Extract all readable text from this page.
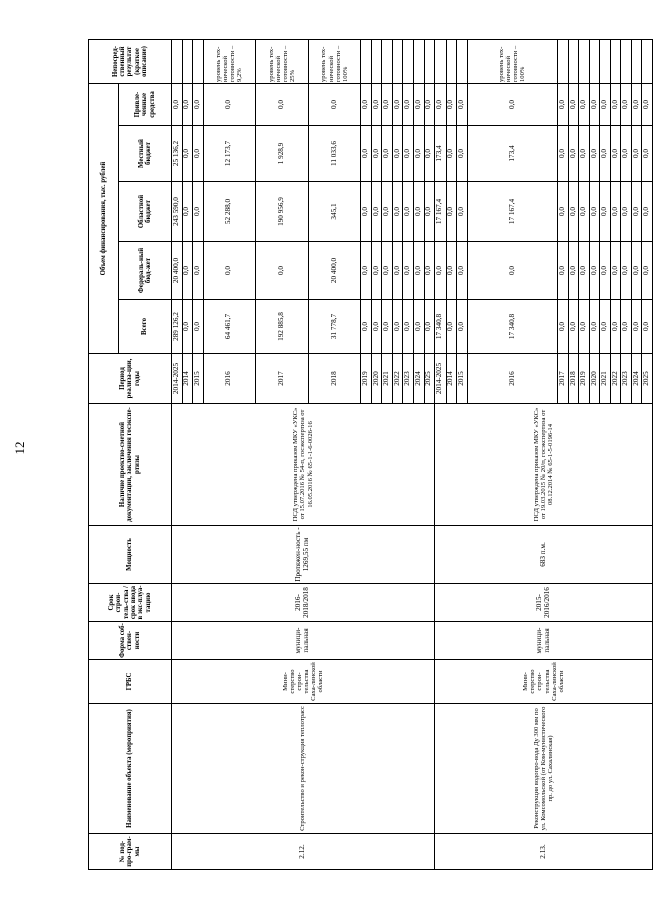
12
№ под-про-грам-мы	Наименование объекта (мероприятия)	ГРБС	Форма соб-ствен-ности	Срок строи-тель-ства / срок ввода в экс-плуа-тацию	Мощность	Наличие проектно-сметной документации, заключения госэкспе-ртизы	Период реализа-ции, годы	Объем финансирования, тыс. рублей					Непосред-ственный результат (краткое описание)
								Всего	Федераль-ный бюд-жет	Областной бюджет	Местный бюджет	Привле-ченные средства	
2.12.	Строительство и рекон-струкция теплотрасс	Мини-стерство строи-тельства Саха-линской области	муници-пальная	2016-2018/2018	Протяжен-ность - 1269,55 пм	ПСД утверждена приказом МКУ «УКС» от 15.07.2016 № 54-п, госэкспертиза от 16.05.2016 № 65-1-1-6-0026-16	2014-2025	289 126,2	20 400,0	243 590,0	25 136,2	0,0	
							2014	0,0	0,0	0,0	0,0	0,0	
							2015	0,0	0,0	0,0	0,0	0,0	
							2016	64 461,7	0,0	52 288,0	12 173,7	0,0	уровень тех-нической готовности – 9,2%
							2017	192 885,8	0,0	190 956,9	1 928,9	0,0	уровень тех-нической готовности – 25%
							2018	31 778,7	20 400,0	345,1	11 033,6	0,0	уровень тех-нической готовности – 100%
							2019	0,0	0,0	0,0	0,0	0,0	
							2020	0,0	0,0	0,0	0,0	0,0	
							2021	0,0	0,0	0,0	0,0	0,0	
							2022	0,0	0,0	0,0	0,0	0,0	
							2023	0,0	0,0	0,0	0,0	0,0	
							2024	0,0	0,0	0,0	0,0	0,0	
							2025	0,0	0,0	0,0	0,0	0,0	
2.13.	Реконструкция водопро-вода Ду 300 мм по ул. Комсомольской (от Ком-мунистического пр. до ул. Сахалинская)	Мини-стерство строи-тельства Саха-линской области	муници-пальная	2015-2016/2016	683 п.м.	ПСД утверждена приказом МКУ «УКС» от 19.03.2015 № 20/п, госэкспертиза от 08.12.2014 № 65-1-5-0196-14	2014-2025	17 340,8	0,0	17 167,4	173,4	0,0	
							2014	0,0	0,0	0,0	0,0	0,0	
							2015	0,0	0,0	0,0	0,0	0,0	
							2016	17 340,8	0,0	17 167,4	173,4	0,0	уровень тех-нической готовности – 100%
							2017	0,0	0,0	0,0	0,0	0,0	
							2018	0,0	0,0	0,0	0,0	0,0	
							2019	0,0	0,0	0,0	0,0	0,0	
							2020	0,0	0,0	0,0	0,0	0,0	
							2021	0,0	0,0	0,0	0,0	0,0	
							2022	0,0	0,0	0,0	0,0	0,0	
							2023	0,0	0,0	0,0	0,0	0,0	
							2024	0,0	0,0	0,0	0,0	0,0	
							2025	0,0	0,0	0,0	0,0	0,0	
